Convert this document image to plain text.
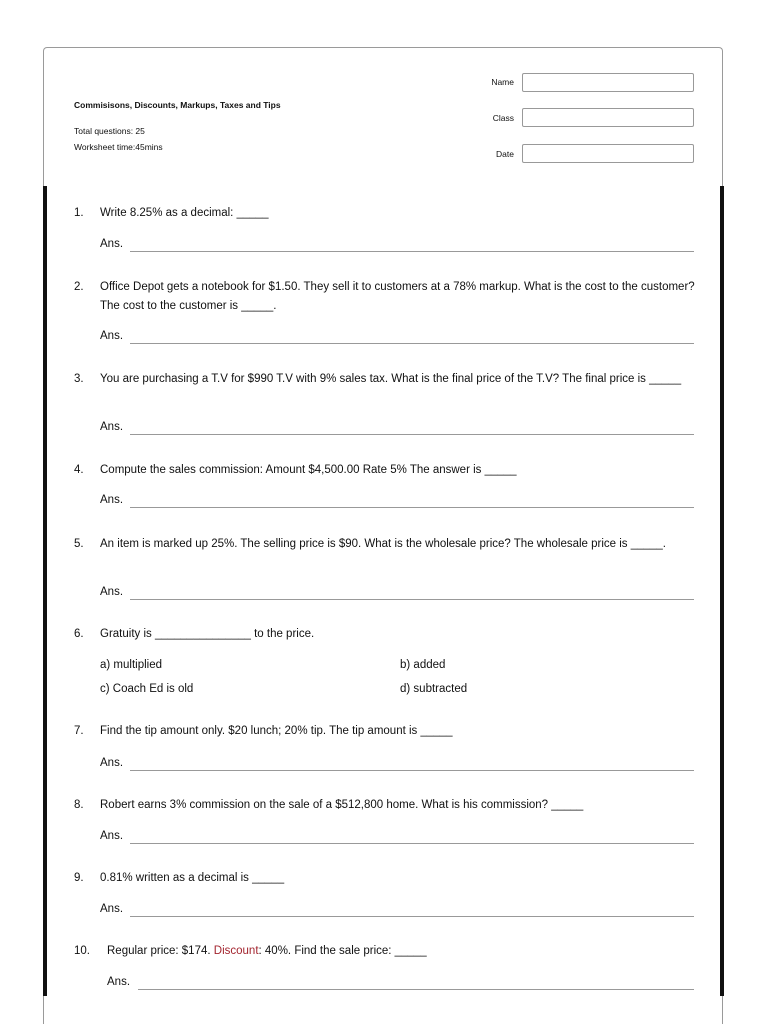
Commisisons, Discounts, Markups, Taxes and Tips
Total questions: 25
Worksheet time:45mins
Name
Class
Date
1. Write 8.25% as a decimal: _____
Ans.
2. Office Depot gets a notebook for $1.50. They sell it to customers at a 78% markup. What is the cost to the customer? The cost to the customer is _____.
Ans.
3. You are purchasing a T.V for $990 T.V with 9% sales tax. What is the final price of the T.V? The final price is _____
Ans.
4. Compute the sales commission: Amount $4,500.00 Rate 5% The answer is _____
Ans.
5. An item is marked up 25%. The selling price is $90. What is the wholesale price? The wholesale price is _____.
Ans.
6. Gratuity is _______________ to the price.
a) multiplied	b) added
c) Coach Ed is old	d) subtracted
7. Find the tip amount only. $20 lunch; 20% tip. The tip amount is _____
Ans.
8. Robert earns 3% commission on the sale of a $512,800 home. What is his commission? _____
Ans.
9. 0.81% written as a decimal is _____
Ans.
10. Regular price: $174. Discount: 40%. Find the sale price: _____
Ans.
